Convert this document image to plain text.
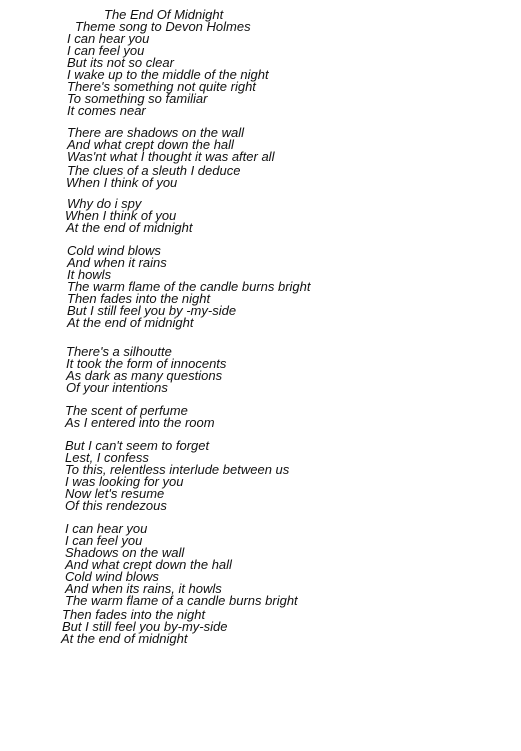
The End Of Midnight
Theme song to Devon Holmes
I can hear you
I can feel you
But its not so clear
I wake up to the middle of the night
There's something not quite right
To something so familiar
It comes near
There are shadows on the wall
And what crept down the hall
Was'nt what I thought it was after all
The clues of a sleuth I deduce
When I think of you
Why do i spy
When I think of you
At the end of midnight
Cold wind blows
And when it rains
It howls
The warm flame of the candle burns bright
Then fades into the night
But I still feel you by -my-side
At the end of midnight
There's a silhoutte
It took the form of innocents
As dark as many questions
Of your intentions
The scent of perfume
As I entered into the room
But I can't seem to forget
Lest, I confess
To this, relentless interlude between us
I was looking for you
Now let's resume
Of this rendezous
I can hear you
I can feel you
Shadows on the wall
And what crept down the hall
Cold wind blows
And when its rains, it howls
The warm flame of a candle burns bright
Then fades into the night
But I still feel you by-my-side
At the end of midnight
